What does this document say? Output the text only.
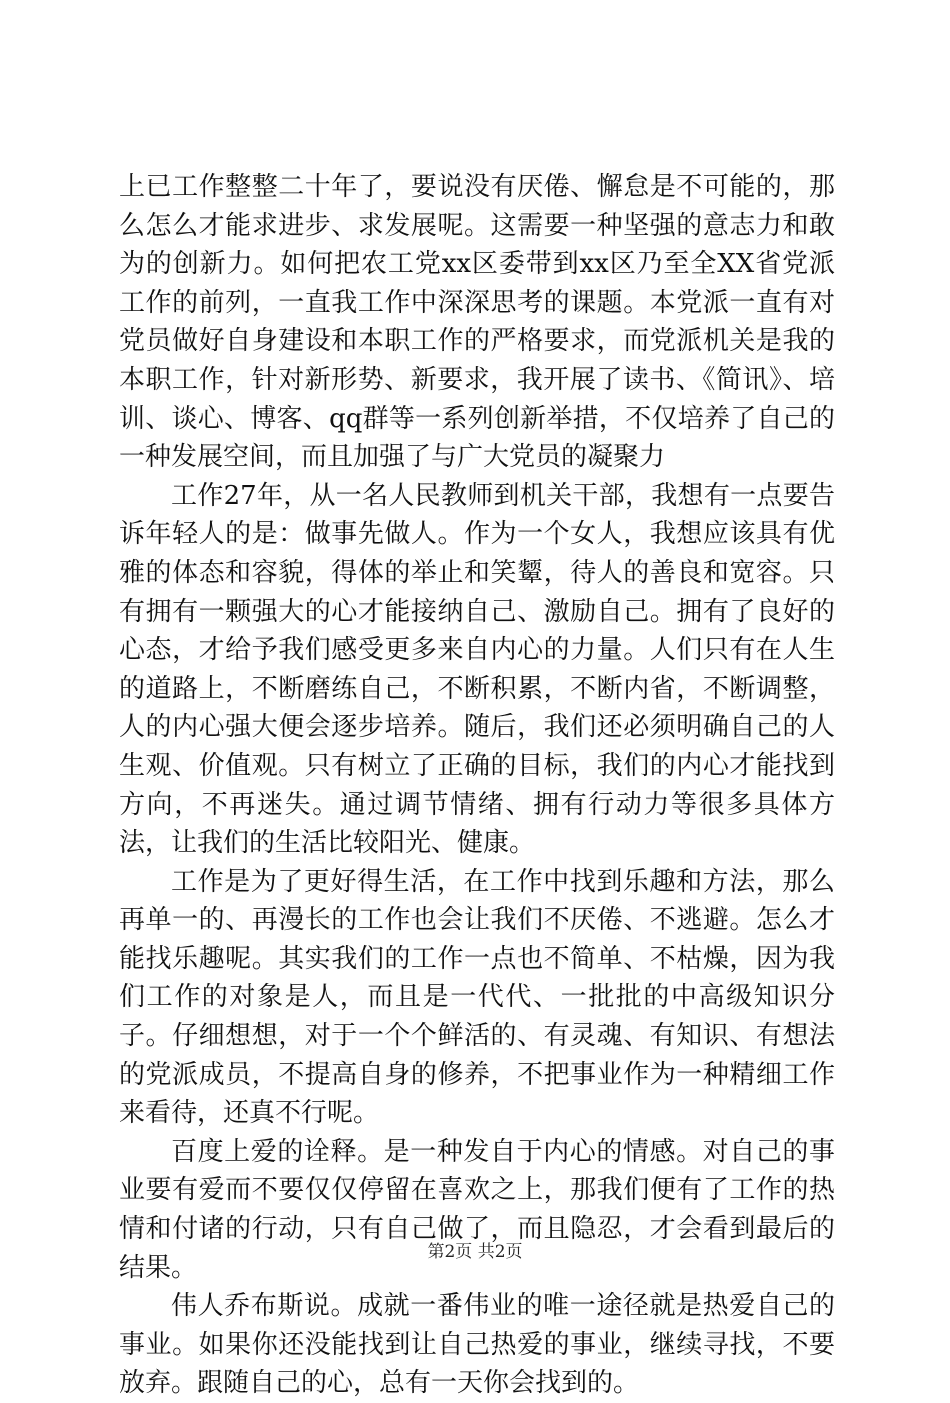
上已工作整整二十年了，要说没有厌倦、懈怠是不可能的，那么怎么才能求进步、求发展呢。这需要一种坚强的意志力和敢为的创新力。如何把农工党xx区委带到xx区乃至全XX省党派工作的前列，一直我工作中深深思考的课题。本党派一直有对党员做好自身建设和本职工作的严格要求，而党派机关是我的本职工作，针对新形势、新要求，我开展了读书、《简讯》、培训、谈心、博客、qq群等一系列创新举措，不仅培养了自己的一种发展空间，而且加强了与广大党员的凝聚力

工作27年，从一名人民教师到机关干部，我想有一点要告诉年轻人的是：做事先做人。作为一个女人，我想应该具有优雅的体态和容貌，得体的举止和笑颦，待人的善良和宽容。只有拥有一颗强大的心才能接纳自己、激励自己。拥有了良好的心态，才给予我们感受更多来自内心的力量。人们只有在人生的道路上，不断磨练自己，不断积累，不断内省，不断调整，人的内心强大便会逐步培养。随后，我们还必须明确自己的人生观、价值观。只有树立了正确的目标，我们的内心才能找到方向，不再迷失。通过调节情绪、拥有行动力等很多具体方法，让我们的生活比较阳光、健康。

工作是为了更好得生活，在工作中找到乐趣和方法，那么再单一的、再漫长的工作也会让我们不厌倦、不逃避。怎么才能找乐趣呢。其实我们的工作一点也不简单、不枯燥，因为我们工作的对象是人，而且是一代代、一批批的中高级知识分子。仔细想想，对于一个个鲜活的、有灵魂、有知识、有想法的党派成员，不提高自身的修养，不把事业作为一种精细工作来看待，还真不行呢。

百度上爱的诠释。是一种发自于内心的情感。对自己的事业要有爱而不要仅仅停留在喜欢之上，那我们便有了工作的热情和付诸的行动，只有自己做了，而且隐忍，才会看到最后的结果。

伟人乔布斯说。成就一番伟业的唯一途径就是热爱自己的事业。如果你还没能找到让自己热爱的事业，继续寻找，不要放弃。跟随自己的心，总有一天你会找到的。

第2页 共2页
